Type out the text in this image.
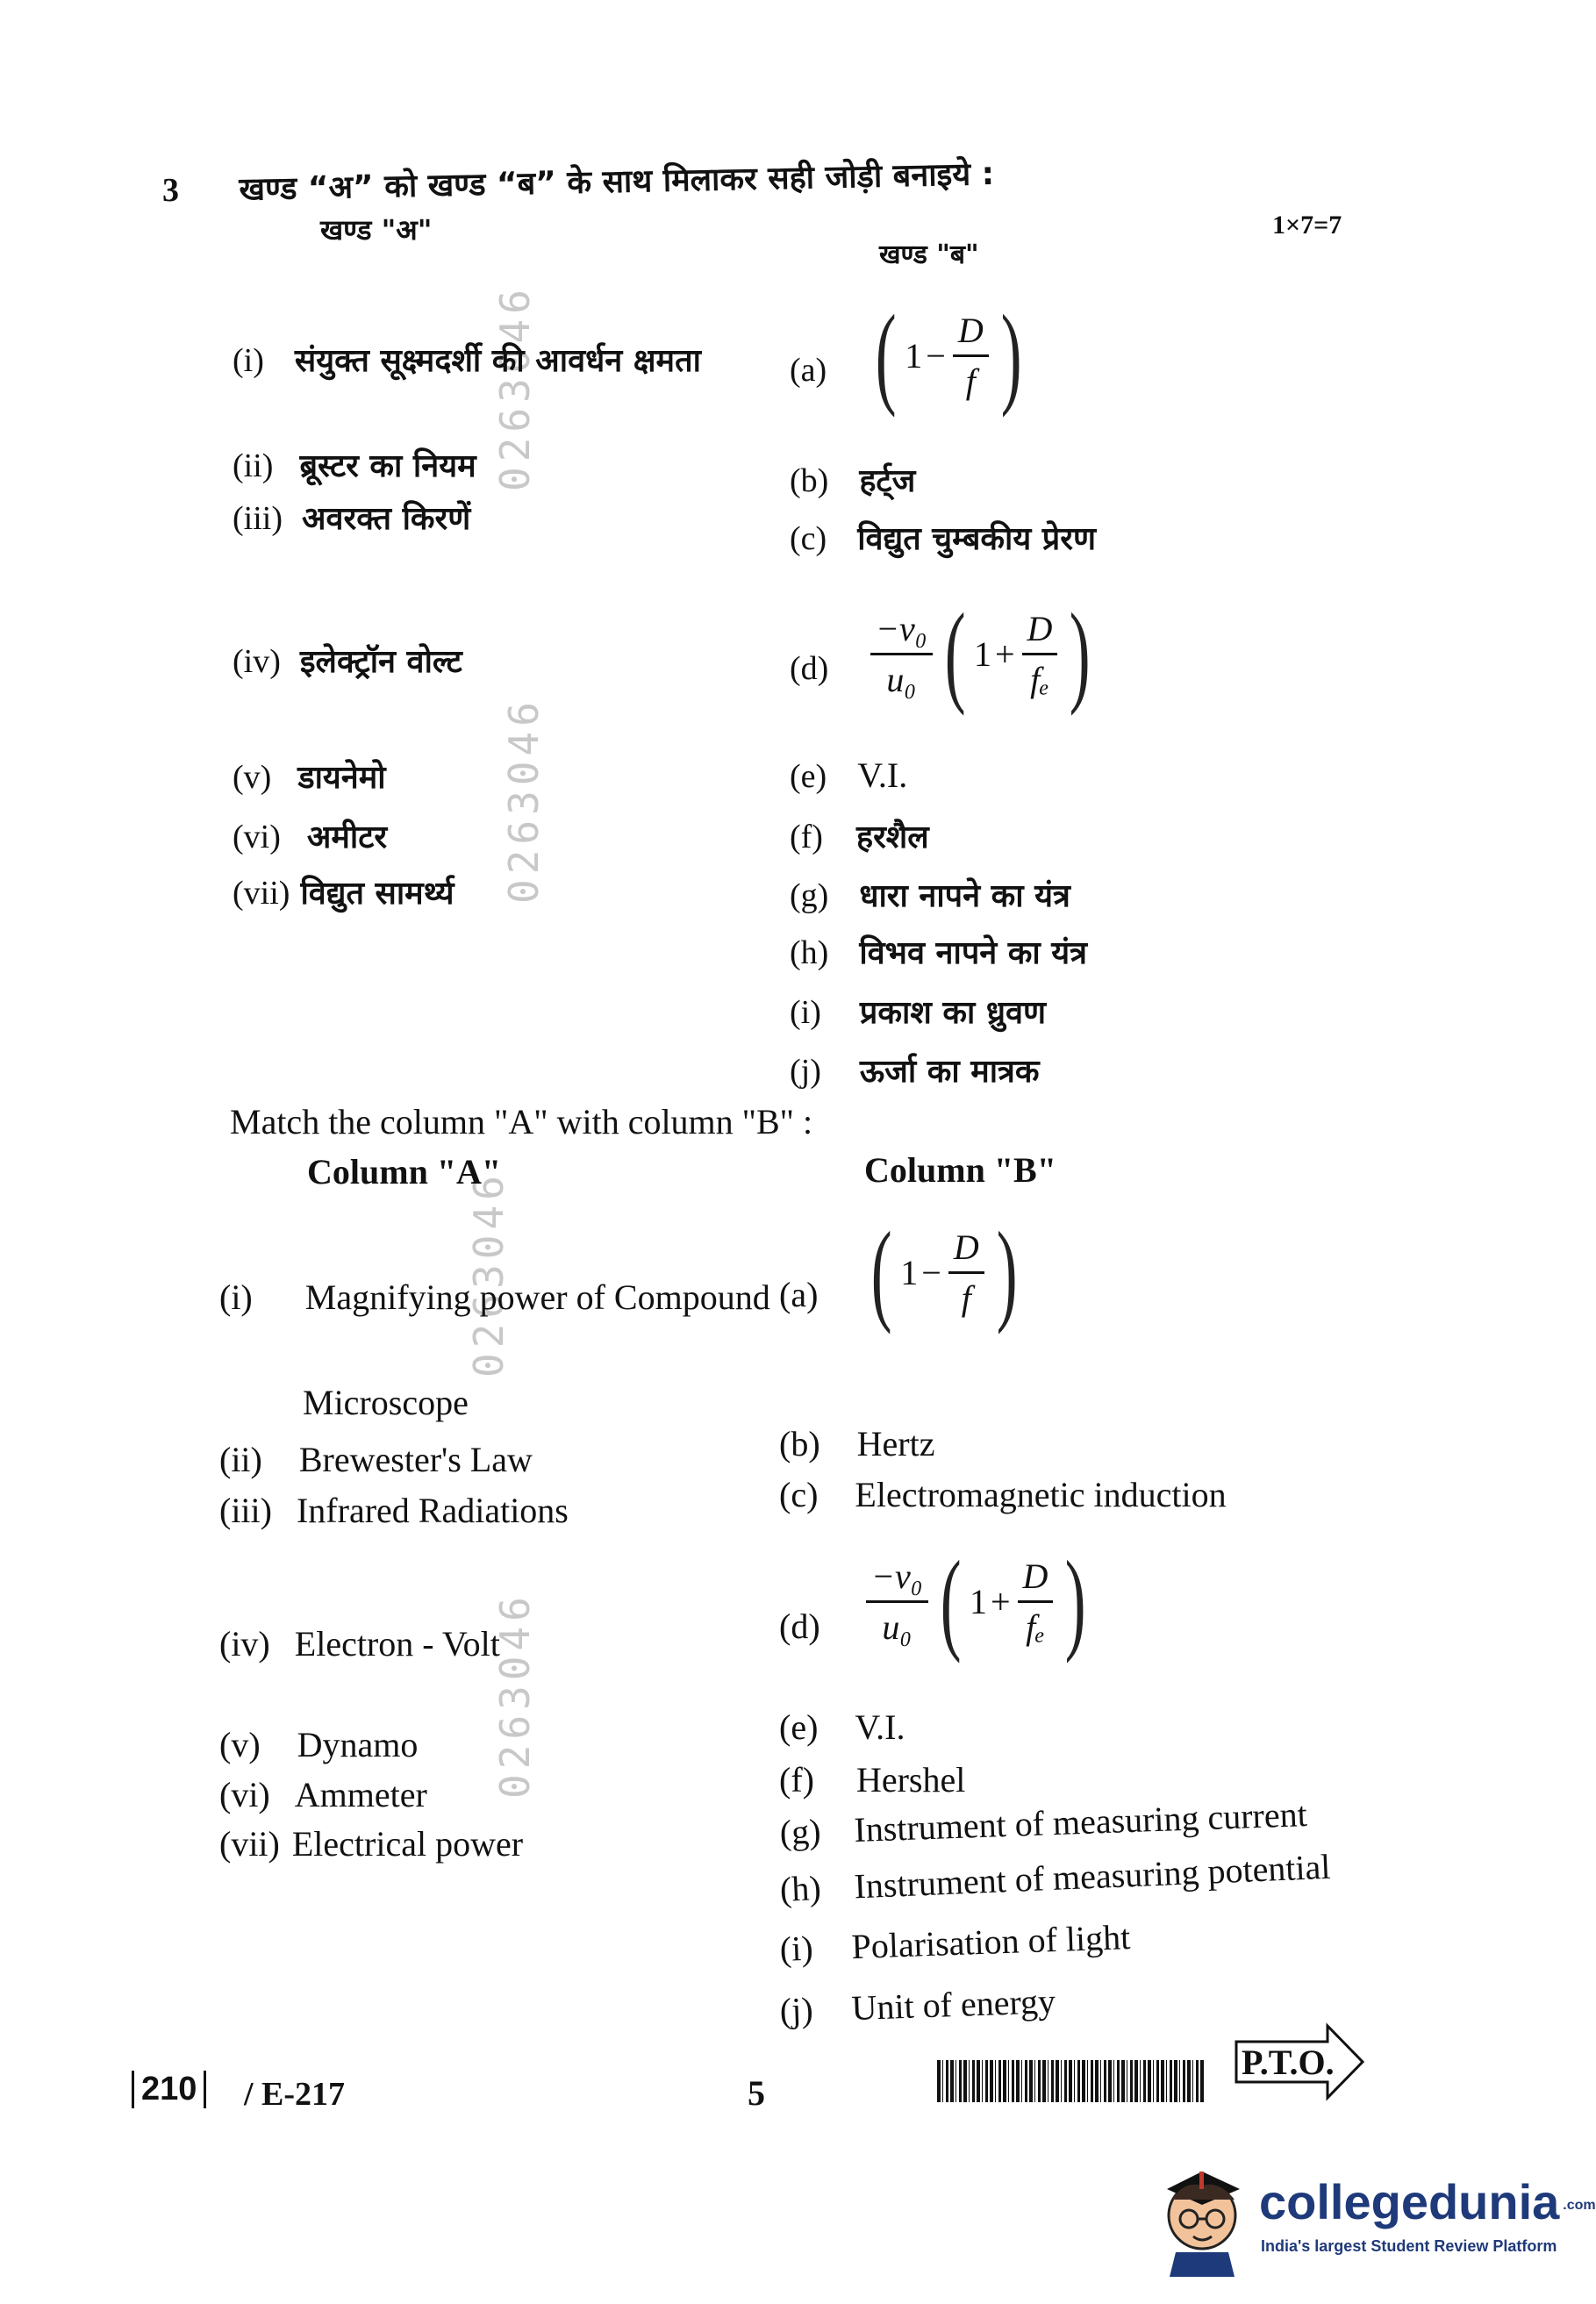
0263046
0263046
0263046
0263046
3 खण्ड “अ” को खण्ड “ब” के साथ मिलाकर सही जोड़ी बनाइये :
1×7=7
खण्ड "अ"
खण्ड "ब"
(i) संयुक्त सूक्ष्मदर्शी की आवर्धन क्षमता
(ii) ब्रूस्टर का नियम
(iii) अवरक्त किरणें
(iv) इलेक्ट्रॉन वोल्ट
(v) डायनेमो
(vi) अमीटर
(vii) विद्युत सामर्थ्य
(a) ( $1 - \frac{D}{f}$ )
(b) हर्ट्ज
(c) विद्युत चुम्बकीय प्रेरण
$(d) \frac{\text{−v₀}}{\text{u₀}}$ ( $1 + \frac{D}{\text{fₑ}}$ )
(e) V.I.
(f) हरशैल
(g) धारा नापने का यंत्र
(h) विभव नापने का यंत्र
(i) प्रकाश का ध्रुवण
(j) ऊर्जा का मात्रक
Match the column "A" with column "B" :
Column "A"	Column "B"
(i) Magnifying power of Compound
Microscope
(ii) Brewester's Law
(iii) Infrared Radiations
(iv) Electron - Volt
(v) Dynamo
(vi) Ammeter
(vii) Electrical power
(a) ( $1 - \frac{D}{f}$ )
(b) Hertz
(c) Electromagnetic induction
$(d) \frac{\text{−v₀}}{\text{u₀}}$ ( $1 + \frac{D}{\text{fₑ}}$ )
(e) V.I.
(f) Hershel
(g) Instrument of measuring current
(h) Instrument of measuring potential
(i) Polarisation of light
(j) Unit of energy
210 / E-217	5
P.T.O.
collegedunia .com
India's largest Student Review Platform
